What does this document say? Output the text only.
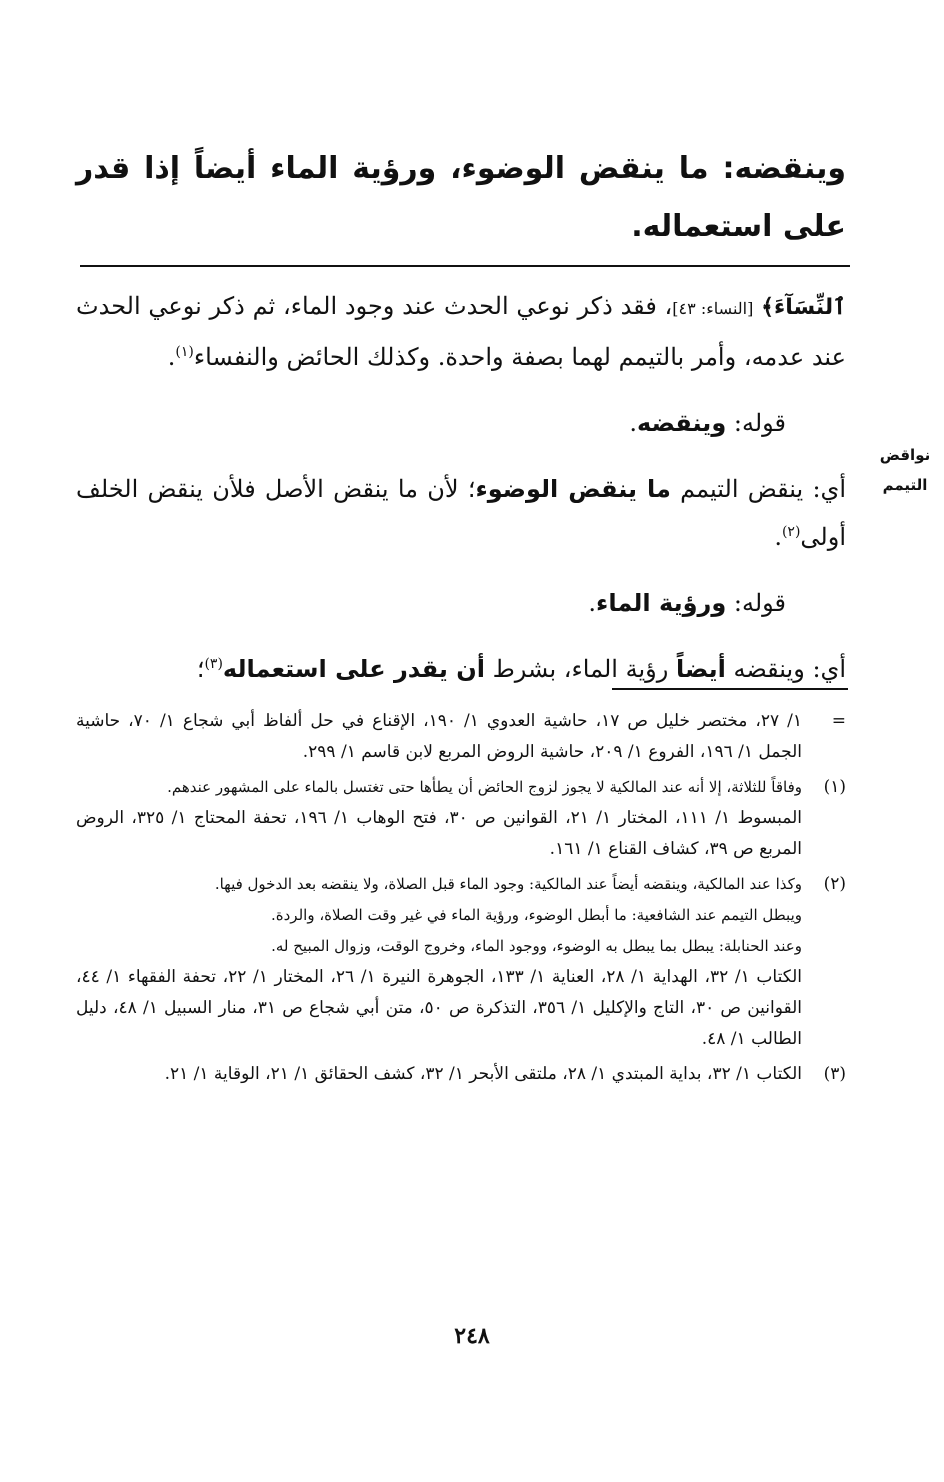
وينقضه: ما ينقض الوضوء، ورؤية الماء أيضاً إذا قدر على استعماله.
نواقض
التيمم

ٱلنِّسَآءَ﴾ [النساء: ٤٣]، فقد ذكر نوعي الحدث عند وجود الماء، ثم ذكر نوعي الحدث عند عدمه، وأمر بالتيمم لهما بصفة واحدة. وكذلك الحائض والنفساء$^{(١)}$.

قوله: وينقضه.

أي: ينقض التيمم ما ينقض الوضوء؛ لأن ما ينقض الأصل فلأن ينقض الخلف أولى$^{(٢)}$.

قوله: ورؤية الماء.

أي: وينقضه أيضاً رؤية الماء، بشرط أن يقدر على استعماله$^{(٣)}$؛

=

١/ ٢٧، مختصر خليل ص ١٧، حاشية العدوي ١/ ١٩٠، الإقناع في حل ألفاظ أبي شجاع ١/ ٧٠، حاشية الجمل ١/ ١٩٦، الفروع ١/ ٢٠٩، حاشية الروض المربع لابن قاسم ١/ ٢٩٩.

(١)

وفاقاً للثلاثة، إلا أنه عند المالكية لا يجوز لزوج الحائض أن يطأها حتى تغتسل بالماء على المشهور عندهم.

المبسوط ١/ ١١١، المختار ١/ ٢١، القوانين ص ٣٠، فتح الوهاب ١/ ١٩٦، تحفة المحتاج ١/ ٣٢٥، الروض المربع ص ٣٩، كشاف القناع ١/ ١٦١.

(٢)

وكذا عند المالكية، وينقضه أيضاً عند المالكية: وجود الماء قبل الصلاة، ولا ينقضه بعد الدخول فيها.

ويبطل التيمم عند الشافعية: ما أبطل الوضوء، ورؤية الماء في غير وقت الصلاة، والردة.

وعند الحنابلة: يبطل بما يبطل به الوضوء، ووجود الماء، وخروج الوقت، وزوال المبيح له.

الكتاب ١/ ٣٢، الهداية ١/ ٢٨، العناية ١/ ١٣٣، الجوهرة النيرة ١/ ٢٦، المختار ١/ ٢٢، تحفة الفقهاء ١/ ٤٤، القوانين ص ٣٠، التاج والإكليل ١/ ٣٥٦، التذكرة ص ٥٠، متن أبي شجاع ص ٣١، منار السبيل ١/ ٤٨، دليل الطالب ١/ ٤٨.

(٣)

الكتاب ١/ ٣٢، بداية المبتدي ١/ ٢٨، ملتقى الأبحر ١/ ٣٢، كشف الحقائق ١/ ٢١، الوقاية ١/ ٢١.

٢٤٨
